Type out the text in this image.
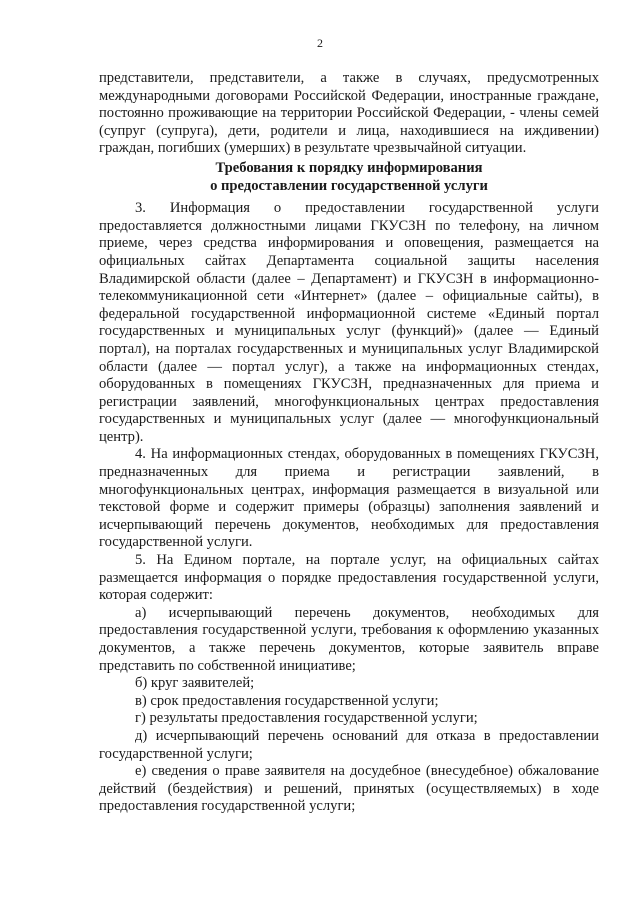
2

представители, представители, а также в случаях, предусмотренных международными договорами Российской Федерации, иностранные граждане, постоянно проживающие на территории Российской Федерации, - члены семей (супруг (супруга), дети, родители и лица, находившиеся на иждивении) граждан, погибших (умерших) в результате чрезвычайной ситуации.

Требования к порядку информирования
о предоставлении государственной услуги

3. Информация о предоставлении государственной услуги предоставляется должностными лицами ГКУСЗН по телефону, на личном приеме, через средства информирования и оповещения, размещается на официальных сайтах Департамента социальной защиты населения Владимирской области (далее – Департамент) и ГКУСЗН в информационно-телекоммуникационной сети «Интернет» (далее – официальные сайты), в федеральной государственной информационной системе «Единый портал государственных и муниципальных услуг (функций)» (далее — Единый портал), на порталах государственных и муниципальных услуг Владимирской области (далее — портал услуг), а также на информационных стендах, оборудованных в помещениях ГКУСЗН, предназначенных для приема и регистрации заявлений, многофункциональных центрах предоставления государственных и муниципальных услуг (далее — многофункциональный центр).

4. На информационных стендах, оборудованных в помещениях ГКУСЗН, предназначенных для приема и регистрации заявлений, в многофункциональных центрах, информация размещается в визуальной или текстовой форме и содержит примеры (образцы) заполнения заявлений и исчерпывающий перечень документов, необходимых для предоставления государственной услуги.

5. На Едином портале, на портале услуг, на официальных сайтах размещается информация о порядке предоставления государственной услуги, которая содержит:

а) исчерпывающий перечень документов, необходимых для предоставления государственной услуги, требования к оформлению указанных документов, а также перечень документов, которые заявитель вправе представить по собственной инициативе;

б) круг заявителей;

в) срок предоставления государственной услуги;

г) результаты предоставления государственной услуги;

д) исчерпывающий перечень оснований для отказа в предоставлении государственной услуги;

е) сведения о праве заявителя на досудебное (внесудебное) обжалование действий (бездействия) и решений, принятых (осуществляемых) в ходе предоставления государственной услуги;
